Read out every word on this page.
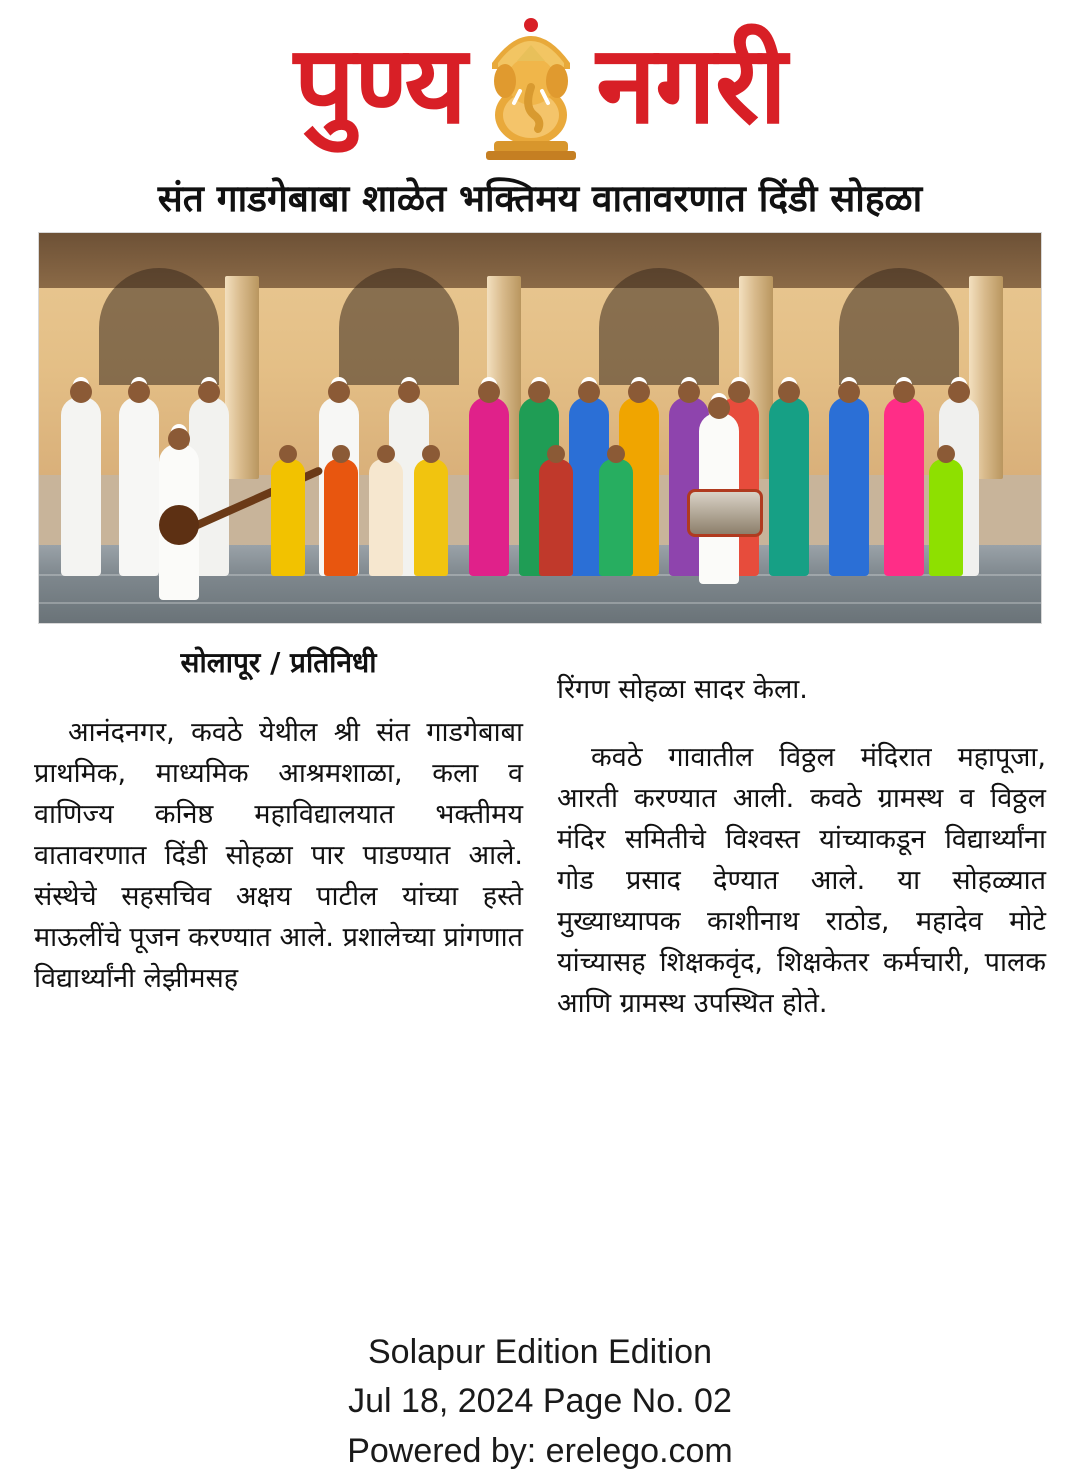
पुण्य नगरी
संत गाडगेबाबा शाळेत भक्तिमय वातावरणात दिंडी सोहळा
सोलापूर / प्रतिनिधी

आनंदनगर, कवठे येथील श्री संत गाडगेबाबा प्राथमिक, माध्यमिक आश्रमशाळा, कला व वाणिज्य कनिष्ठ महाविद्यालयात भक्तीमय वातावरणात दिंडी सोहळा पार पाडण्यात आले. संस्थेचे सहसचिव अक्षय पाटील यांच्या हस्ते माऊलींचे पूजन करण्यात आले. प्रशालेच्या प्रांगणात विद्यार्थ्यांनी लेझीमसह

रिंगण सोहळा सादर केला.

कवठे गावातील विठ्ठल मंदिरात महापूजा, आरती करण्यात आली. कवठे ग्रामस्थ व विठ्ठल मंदिर समितीचे विश्वस्त यांच्याकडून विद्यार्थ्यांना गोड प्रसाद देण्यात आले. या सोहळ्यात मुख्याध्यापक काशीनाथ राठोड, महादेव मोटे यांच्यासह शिक्षकवृंद, शिक्षकेतर कर्मचारी, पालक आणि ग्रामस्थ उपस्थित होते.

Solapur Edition Edition
Jul 18, 2024 Page No. 02
Powered by: erelego.com
